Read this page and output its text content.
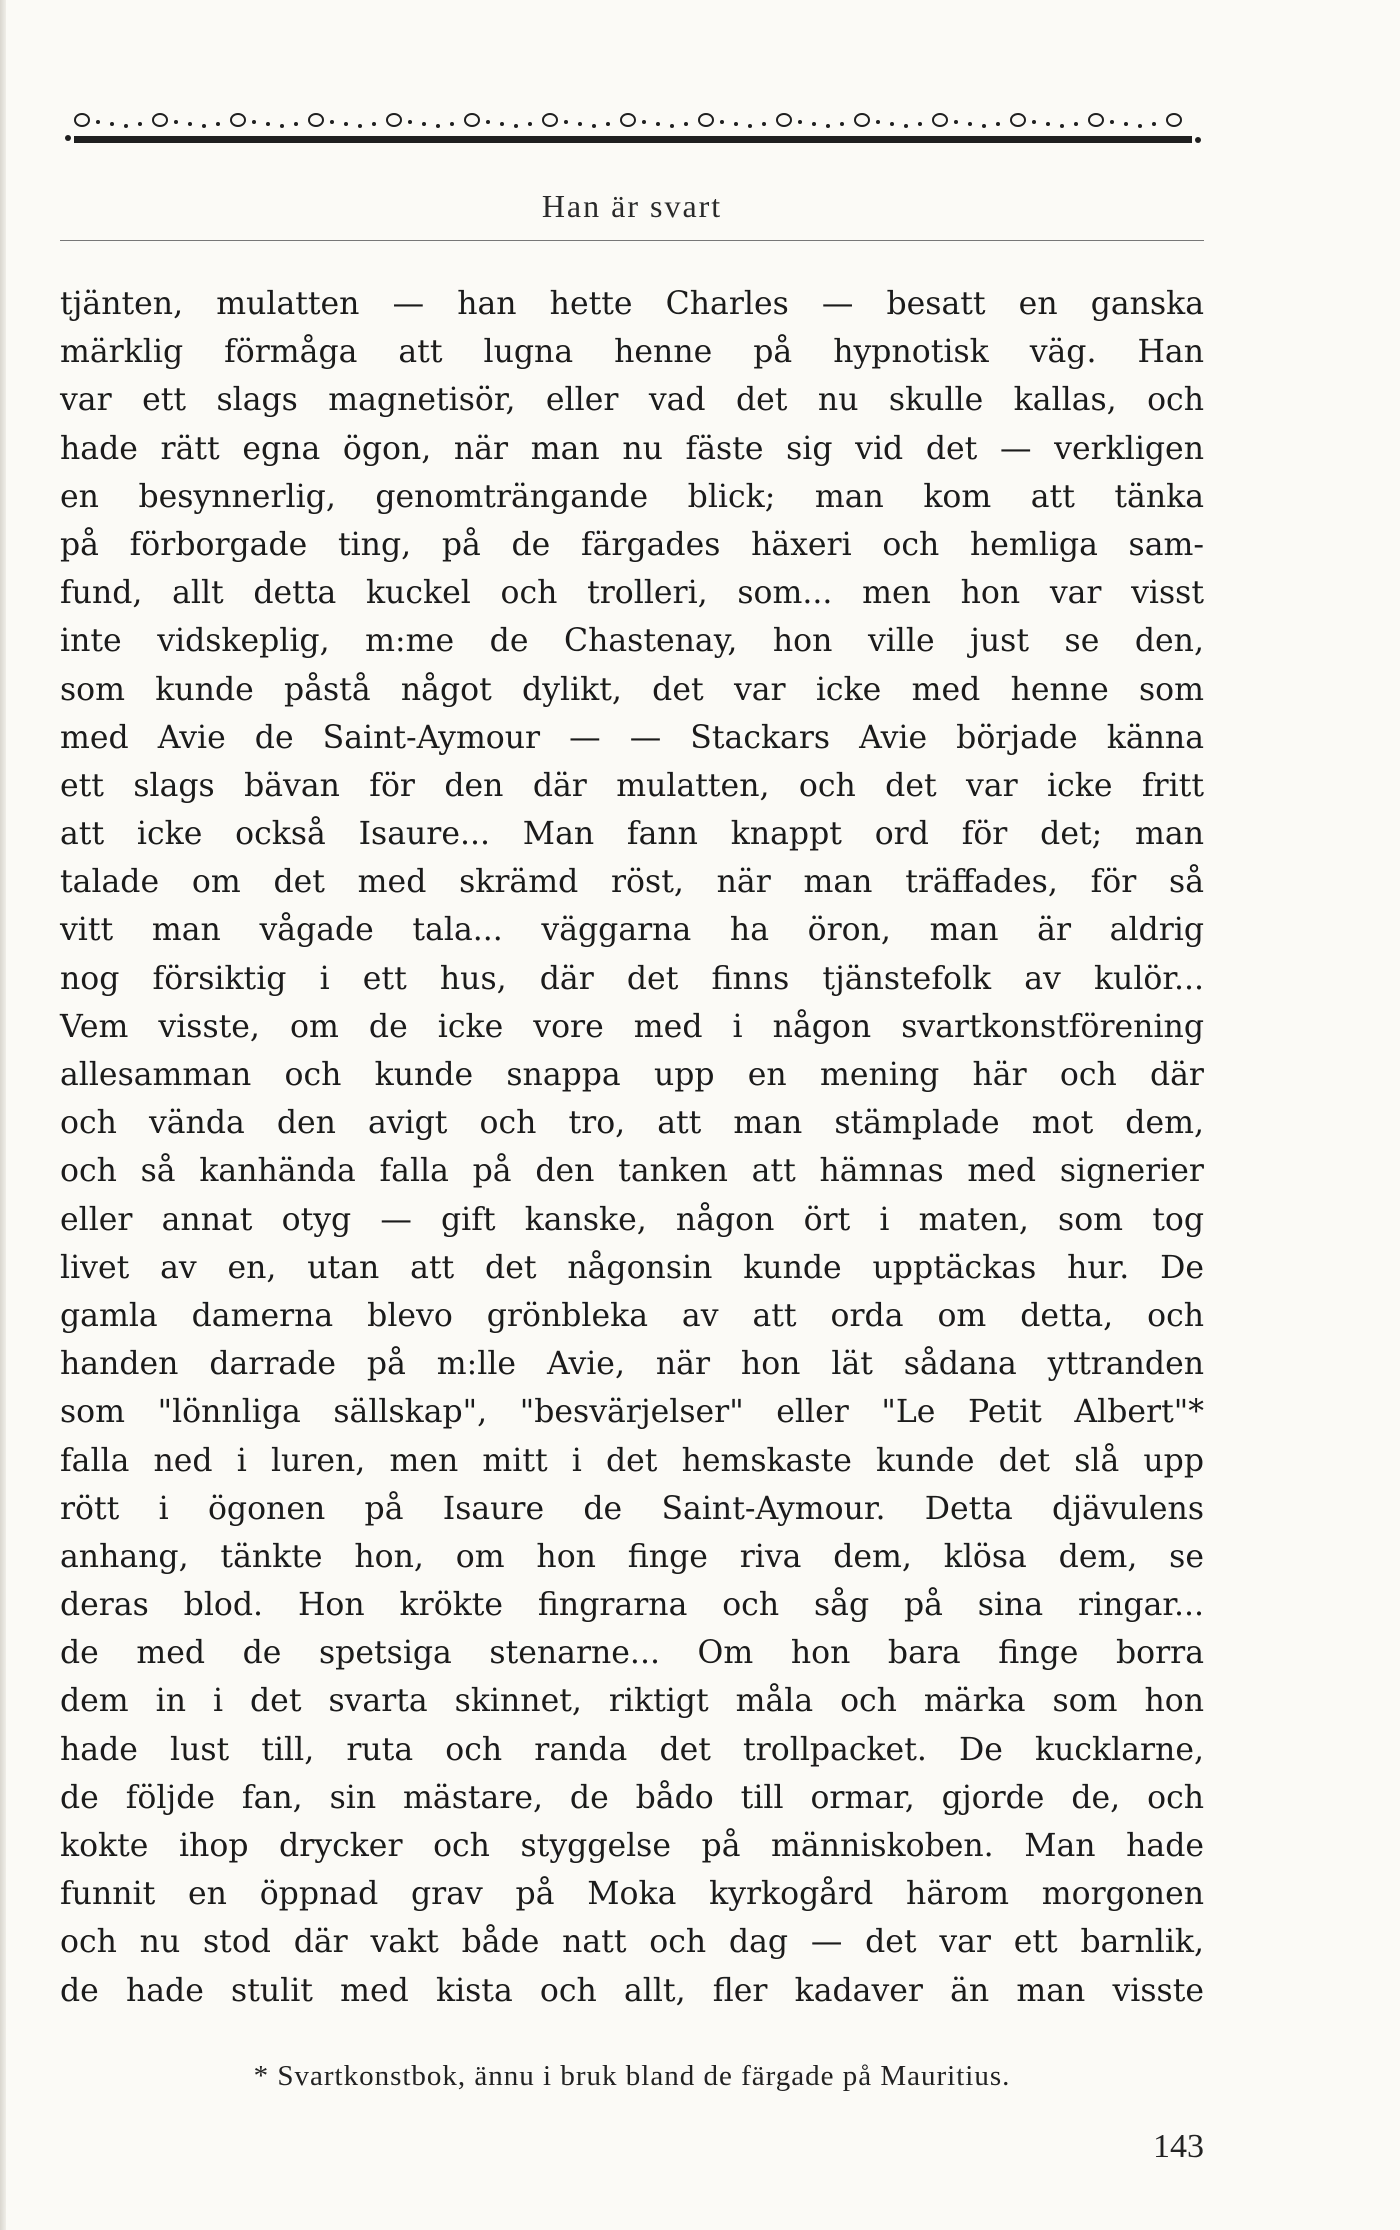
Han är svart
tjänten, mulatten — han hette Charles — besatt en ganska
märklig förmåga att lugna henne på hypnotisk väg. Han
var ett slags magnetisör, eller vad det nu skulle kallas, och
hade rätt egna ögon, när man nu fäste sig vid det — verkligen
en besynnerlig, genomträngande blick; man kom att tänka
på förborgade ting, på de färgades häxeri och hemliga sam-
fund, allt detta kuckel och trolleri, som... men hon var visst
inte vidskeplig, m:me de Chastenay, hon ville just se den,
som kunde påstå något dylikt, det var icke med henne som
med Avie de Saint-Aymour — — Stackars Avie började känna
ett slags bävan för den där mulatten, och det var icke fritt
att icke också Isaure... Man fann knappt ord för det; man
talade om det med skrämd röst, när man träffades, för så
vitt man vågade tala... väggarna ha öron, man är aldrig
nog försiktig i ett hus, där det finns tjänstefolk av kulör...
Vem visste, om de icke vore med i någon svartkonstförening
allesamman och kunde snappa upp en mening här och där
och vända den avigt och tro, att man stämplade mot dem,
och så kanhända falla på den tanken att hämnas med signerier
eller annat otyg — gift kanske, någon ört i maten, som tog
livet av en, utan att det någonsin kunde upptäckas hur. De
gamla damerna blevo grönbleka av att orda om detta, och
handen darrade på m:lle Avie, när hon lät sådana yttranden
som "lönnliga sällskap", "besvärjelser" eller "Le Petit Albert"*
falla ned i luren, men mitt i det hemskaste kunde det slå upp
rött i ögonen på Isaure de Saint-Aymour. Detta djävulens
anhang, tänkte hon, om hon finge riva dem, klösa dem, se
deras blod. Hon krökte fingrarna och såg på sina ringar...
de med de spetsiga stenarne... Om hon bara finge borra
dem in i det svarta skinnet, riktigt måla och märka som hon
hade lust till, ruta och randa det trollpacket. De kucklarne,
de följde fan, sin mästare, de bådo till ormar, gjorde de, och
kokte ihop drycker och styggelse på människoben. Man hade
funnit en öppnad grav på Moka kyrkogård härom morgonen
och nu stod där vakt både natt och dag — det var ett barnlik,
de hade stulit med kista och allt, fler kadaver än man visste
* Svartkonstbok, ännu i bruk bland de färgade på Mauritius.
143
